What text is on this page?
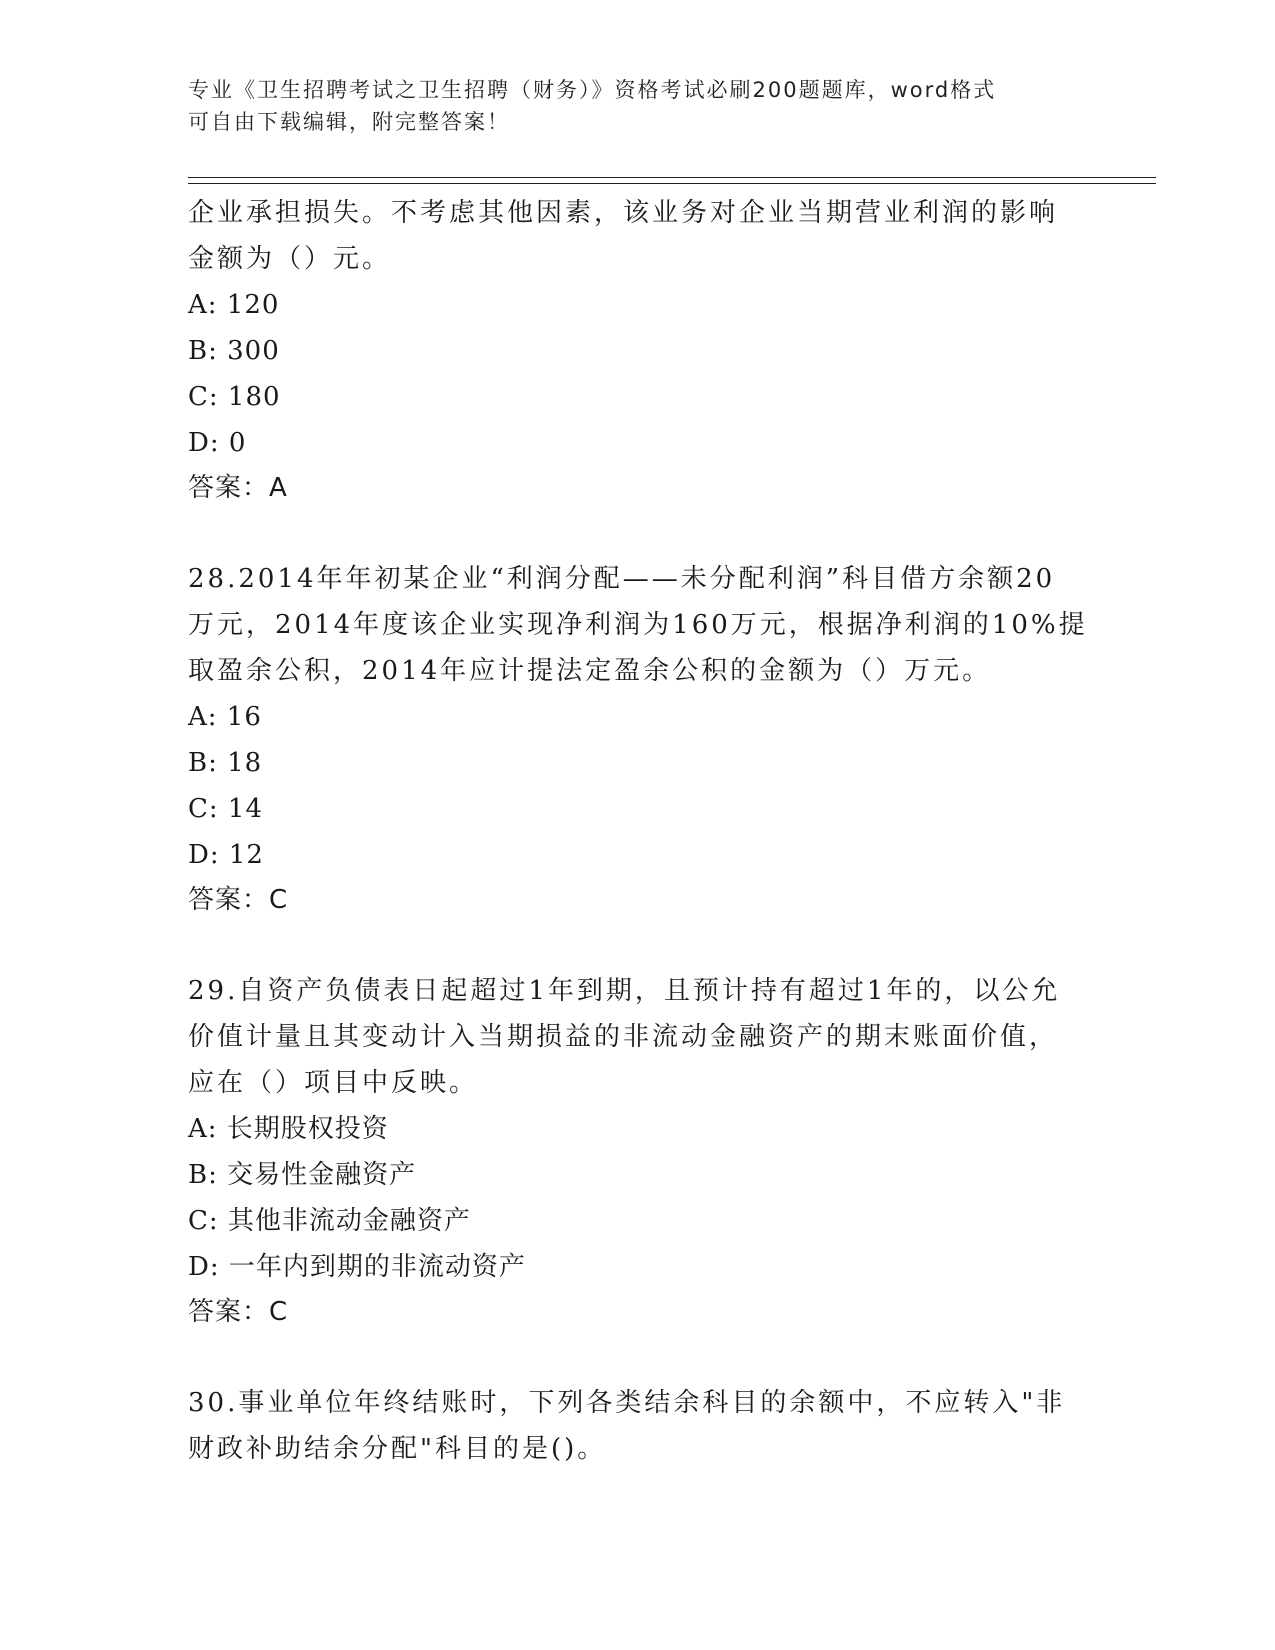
专业《卫生招聘考试之卫生招聘（财务）》资格考试必刷200题题库，word格式
可自由下载编辑，附完整答案！
企业承担损失。不考虑其他因素，该业务对企业当期营业利润的影响
金额为（）元。
A: 120
B: 300
C: 180
D: 0
答案：A
28.2014年年初某企业“利润分配——未分配利润”科目借方余额20
万元，2014年度该企业实现净利润为160万元，根据净利润的10%提
取盈余公积，2014年应计提法定盈余公积的金额为（）万元。
A: 16
B: 18
C: 14
D: 12
答案：C
29.自资产负债表日起超过1年到期，且预计持有超过1年的，以公允
价值计量且其变动计入当期损益的非流动金融资产的期末账面价值，
应在（）项目中反映。
A: 长期股权投资
B: 交易性金融资产
C: 其他非流动金融资产
D: 一年内到期的非流动资产
答案：C
30.事业单位年终结账时，下列各类结余科目的余额中，不应转入"非
财政补助结余分配"科目的是()。
